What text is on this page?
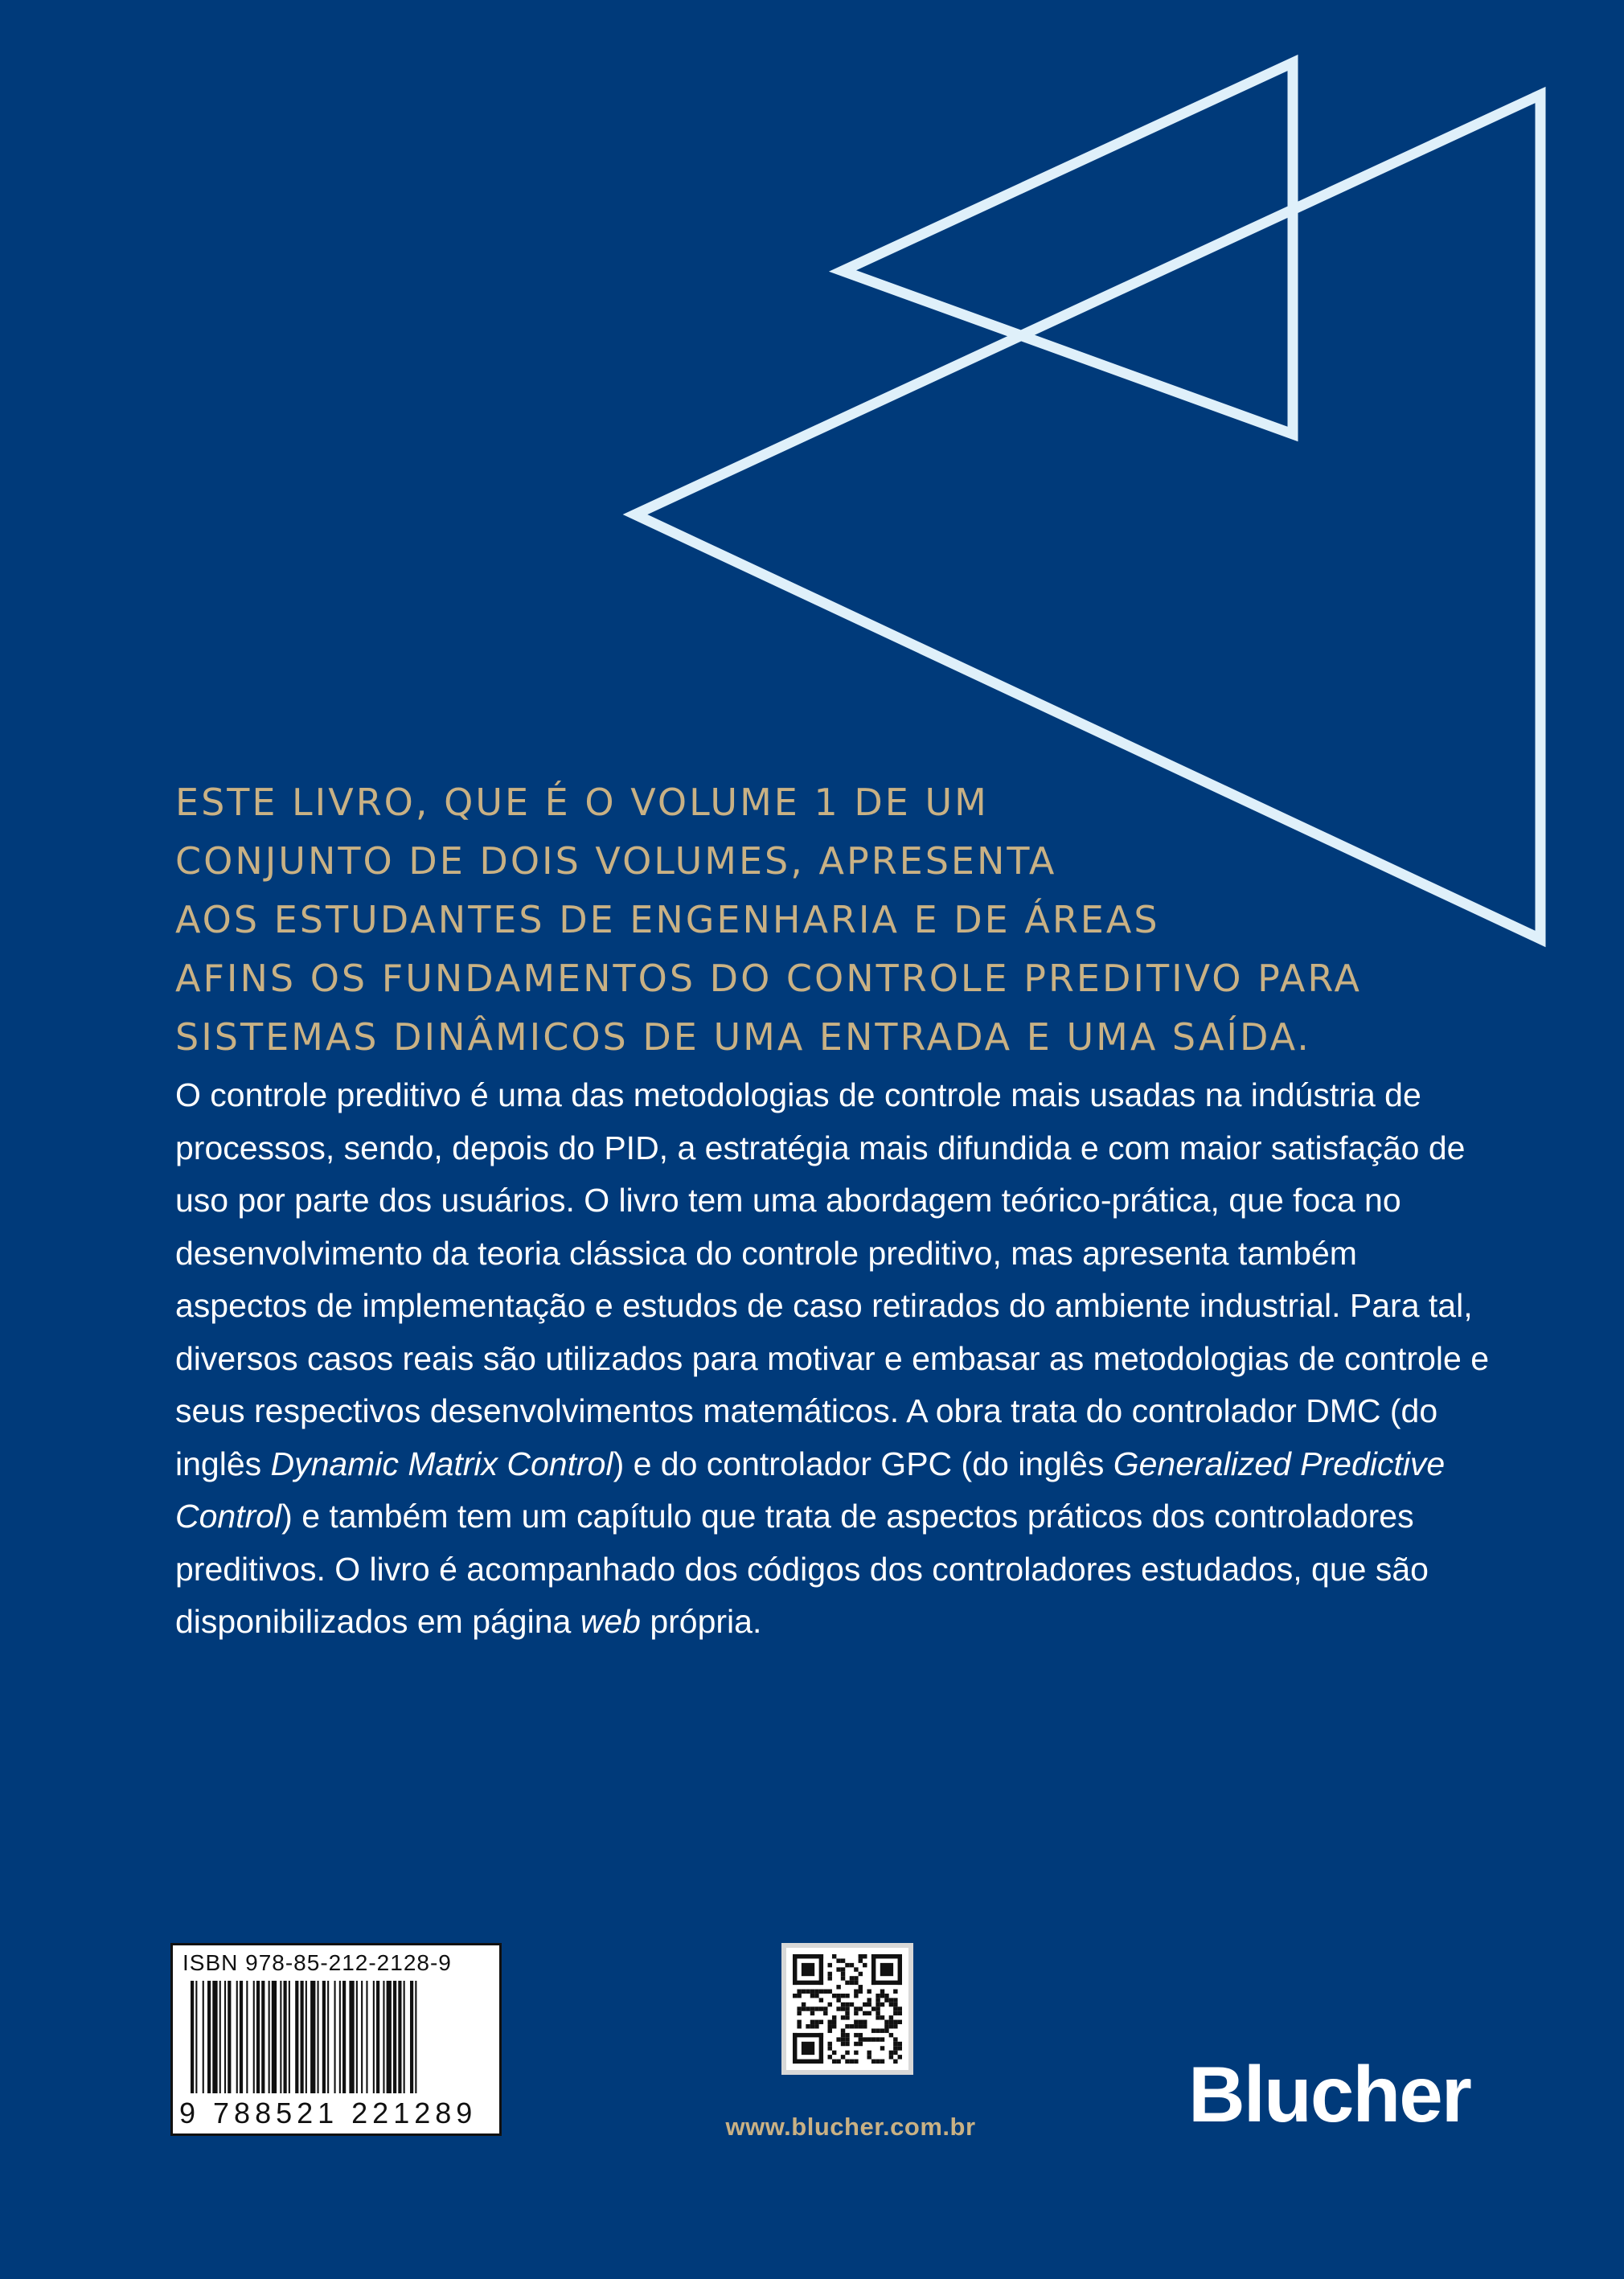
ESTE LIVRO, QUE É O VOLUME 1 DE UM
CONJUNTO DE DOIS VOLUMES, APRESENTA
AOS ESTUDANTES DE ENGENHARIA E DE ÁREAS
AFINS OS FUNDAMENTOS DO CONTROLE PREDITIVO PARA
SISTEMAS DINÂMICOS DE UMA ENTRADA E UMA SAÍDA.

O controle preditivo é uma das metodologias de controle mais usadas na indústria de processos, sendo, depois do PID, a estratégia mais difundida e com maior satisfação de uso por parte dos usuários. O livro tem uma abordagem teórico-prática, que foca no desenvolvimento da teoria clássica do controle preditivo, mas apresenta também aspectos de implementação e estudos de caso retirados do ambiente industrial. Para tal, diversos casos reais são utilizados para motivar e embasar as metodologias de controle e seus respectivos desenvolvimentos matemáticos. A obra trata do controlador DMC (do inglês Dynamic Matrix Control) e do controlador GPC (do inglês Generalized Predictive Control) e também tem um capítulo que trata de aspectos práticos dos controladores preditivos. O livro é acompanhado dos códigos dos controladores estudados, que são disponibilizados em página web própria.

ISBN 978-85-212-2128-9
9 788521 221289	www.blucher.com.br	Blucher
